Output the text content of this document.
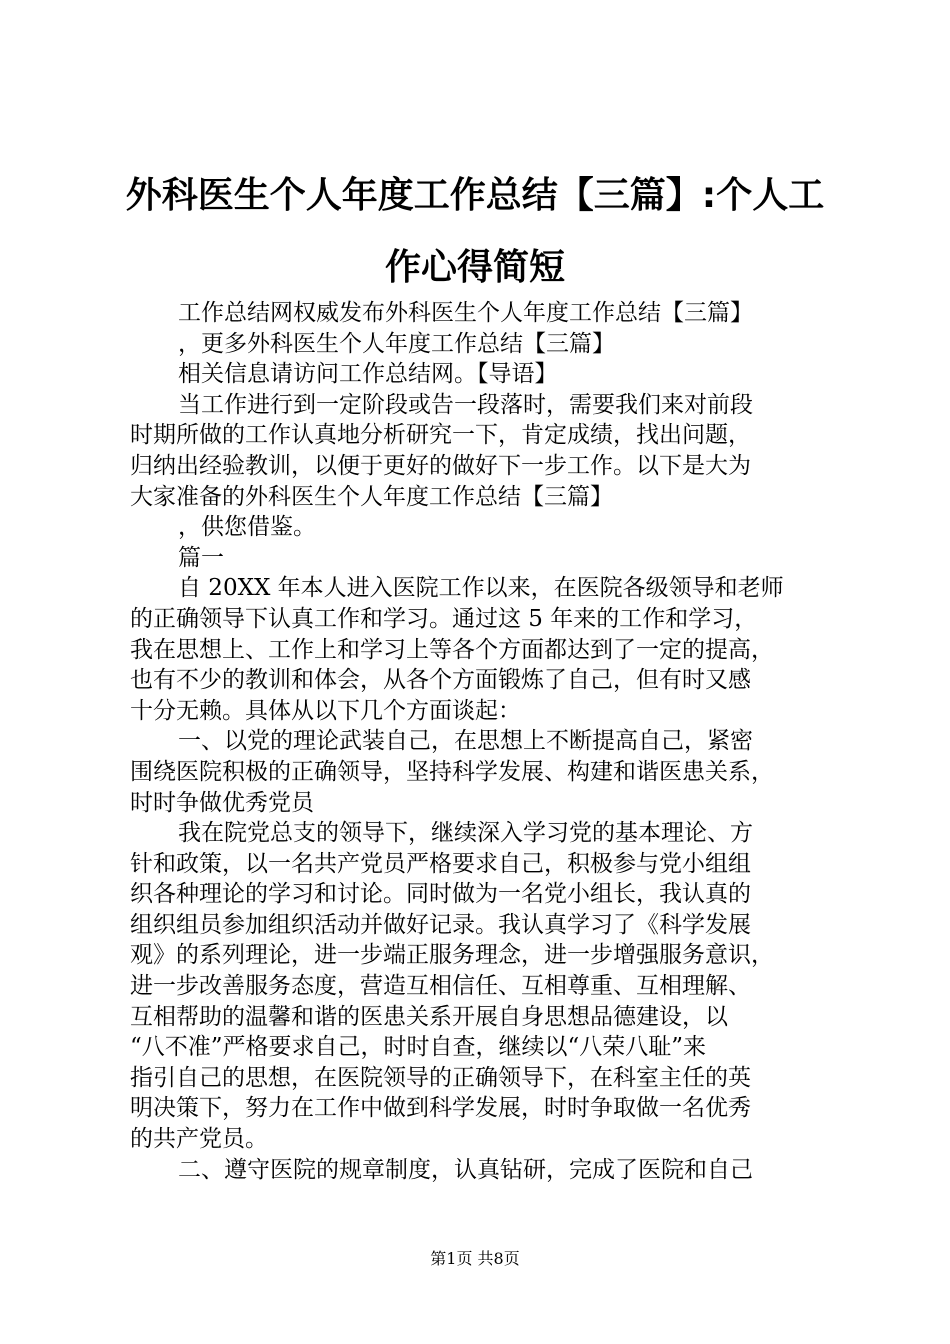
外科医生个人年度工作总结【三篇】:个人工
作心得简短
工作总结网权威发布外科医生个人年度工作总结【三篇】
，更多外科医生个人年度工作总结【三篇】
相关信息请访问工作总结网。【导语】
当工作进行到一定阶段或告一段落时，需要我们来对前段
时期所做的工作认真地分析研究一下，肯定成绩，找出问题，
归纳出经验教训，以便于更好的做好下一步工作。以下是大为
大家准备的外科医生个人年度工作总结【三篇】
，供您借鉴。
篇一
自 20XX 年本人进入医院工作以来，在医院各级领导和老师
的正确领导下认真工作和学习。通过这 5 年来的工作和学习，
我在思想上、工作上和学习上等各个方面都达到了一定的提高，
也有不少的教训和体会，从各个方面锻炼了自己，但有时又感
十分无赖。具体从以下几个方面谈起：
一、以党的理论武装自己，在思想上不断提高自己，紧密
围绕医院积极的正确领导，坚持科学发展、构建和谐医患关系，
时时争做优秀党员
我在院党总支的领导下，继续深入学习党的基本理论、方
针和政策，以一名共产党员严格要求自己，积极参与党小组组
织各种理论的学习和讨论。同时做为一名党小组长，我认真的
组织组员参加组织活动并做好记录。我认真学习了《科学发展
观》的系列理论，进一步端正服务理念，进一步增强服务意识，
进一步改善服务态度，营造互相信任、互相尊重、互相理解、
互相帮助的温馨和谐的医患关系开展自身思想品德建设，以
“八不准”严格要求自己，时时自查，继续以“八荣八耻”来
指引自己的思想，在医院领导的正确领导下，在科室主任的英
明决策下，努力在工作中做到科学发展，时时争取做一名优秀
的共产党员。
二、遵守医院的规章制度，认真钻研，完成了医院和自己
第1页 共8页
